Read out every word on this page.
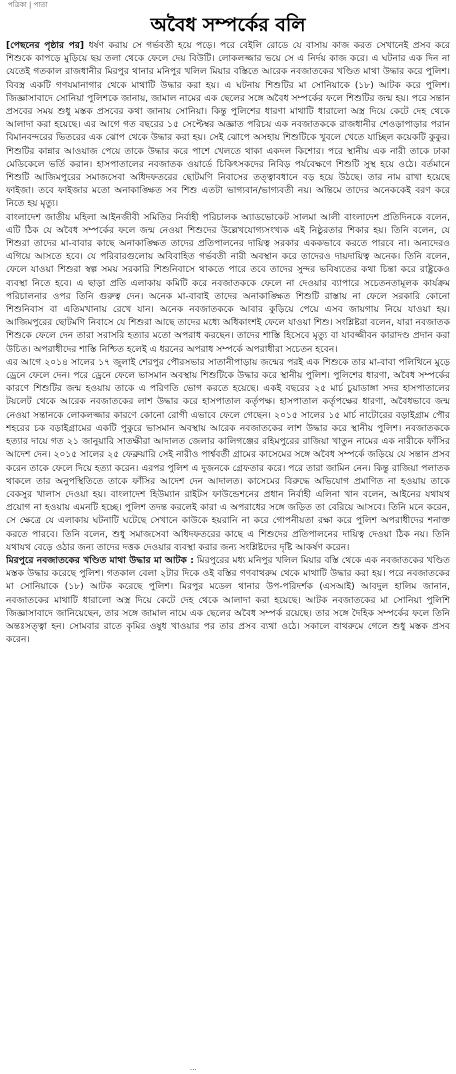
পত্রিকা | পাতা
অবৈধ সম্পর্কের বলি

[পেছনের পৃষ্ঠার পর] ধর্ষণ করায় সে গর্ভবতী হয়ে পড়ে। পরে বেইলি রোডে যে বাসায় কাজ করত সেখানেই প্রসব করে শিশুকে কাপড়ে মুড়িয়ে ছয় তলা থেকে ফেলে দেয় বিউটি। লোকলজ্জার ভয়ে সে এ নির্দয় কাজ করে। এ ঘটনার এক দিন না যেতেই গতকাল রাজধানীর মিরপুর থানার মনিপুর খলিল মিয়ার বস্তিতে আরেক নবজাতকের খণ্ডিত মাথা উদ্ধার করে পুলিশ। বিবস্ত্র একটি গণযমানাগার থেকে মাথাটি উদ্ধার করা হয়। এ ঘটনায় শিশুটির মা সোনিয়াকে (১৮) আটক করে পুলিশ। জিজ্ঞাসাবাদে সোনিয়া পুলিশকে জানায়, জামাল নামের এক ছেলের সঙ্গে অবৈধ সম্পর্কের ফলে শিশুটির জন্ম হয়। পরে সন্তান প্রসবের সময় শুধু মস্তক প্রসবের কথা জানায় সোনিয়া। কিন্তু পুলিশের ধারণা মাথাটি ধারালো অস্ত্র দিয়ে কেটে দেহ থেকে আলাদা করা হয়েছে। এর আগে গত বছরের ১৫ সেপ্টেম্বর অজ্ঞাত পরিচয় এক নবজাতককে রাজধানীর শেওড়াপাড়ার পরান বিমানবন্দরের ভিতরের এক ঝোপ থেকে উদ্ধার করা হয়। সেই ঝোপে অসহায় শিশুটিকে খুবলে খেতে যাচ্ছিল কয়েকটি কুকুর। শিশুটির কান্নার আওয়াজ পেয়ে তাকে উদ্ধার করে পাশে খেলতে থাকা একদল কিশোর। পরে স্থানীয় এক নারী তাকে ঢাকা মেডিকেলে ভর্তি করান। হাসপাতালের নবজাতক ওয়ার্ডে চিকিৎসকদের নিবিড় পর্যবেক্ষণে শিশুটি সুস্থ হয়ে ওঠে। বর্তমানে শিশুটি আজিমপুরের সমাজসেবা অধিদফতরের ছোটমণি নিবাসের তত্ত্বাবধানে বড় হয়ে উঠছে। তার নাম রাখা হয়েছে ফাইজা। তবে ফাইজার মতো অনাকাঙ্ক্ষিত সব শিশু এতটা ভাগ্যবান/ভাগ্যবতী নয়। অন্তিমে তাদের অনেককেই বরণ করে নিতে হয় মৃত্যু।

বাংলাদেশ জাতীয় মহিলা আইনজীবী সমিতির নির্বাহী পরিচালক অ্যাডভোকেট সালমা আলী বাংলাদেশ প্রতিদিনকে বলেন, এটি ঠিক যে অবৈধ সম্পর্কের ফলে জন্ম নেওয়া শিশুদের উল্লেখযোগ্যসংখ্যক এই নিষ্ঠুরতার শিকার হয়। তিনি বলেন, যে শিশুরা তাদের মা-বাবার কাছে অনাকাঙ্ক্ষিত তাদের প্রতিপালনের দায়িত্ব সরকার এককভাবে করতে পারবে না। অন্যদেরও এগিয়ে আসতে হবে। যে পরিবারগুলোয় অবিবাহিত গর্ভবতী নারী অবস্থান করে তাদেরও দায়দায়িত্ব অনেক। তিনি বলেন, ফেলে যাওয়া শিশুরা স্বল্প সময় সরকারি শিশুনিবাসে থাকতে পারে তবে তাদের সুন্দর ভবিষ্যতের কথা চিন্তা করে রাষ্ট্রকেও ব্যবস্থা নিতে হবে। এ ছাড়া প্রতি এলাকায় কমিটি করে নবজাতককে ফেলে না দেওয়ার ব্যাপারে সচেতনতামূলক কার্যক্রম পরিচালনার ওপর তিনি গুরুত্ব দেন। অনেক মা-বাবাই তাদের অনাকাঙ্ক্ষিত শিশুটি রাস্তায় না ফেলে সরকারি কোনো শিশুনিবাস বা এতিমখানায় রেখে যান। অনেক নবজাতককে আবার কুড়িয়ে পেয়ে এসব জায়গায় নিয়ে যাওয়া হয়। আজিমপুরের ছোটমণি নিবাসে যে শিশুরা আছে তাদের মধ্যে অধিকাংশই ফেলে যাওয়া শিশু। সংশ্লিষ্টরা বলেন, যারা নবজাতক শিশুকে ফেলে দেন তারা সরাসরি হত্যার মতো অপরাধ করছেন। তাদের শাস্তি হিসেবে মৃত্যু বা যাবজ্জীবন কারাদণ্ড প্রদান করা উচিত। অপরাধীদের শাস্তি নিশ্চিত হলেই এ ধরনের অপরাধ সম্পর্কে অপরাধীরা সচেতন হবেন।

এর আগে ২০১৪ সালের ১৭ জুলাই শেরপুর পৌরসভার সাতানীপাড়ায় জন্মের পরই এক শিশুকে তার মা-বাবা পলিথিনে মুড়ে ড্রেনে ফেলে দেন। পরে ড্রেনে ফেলে ভাসমান অবস্থায় শিশুটিকে উদ্ধার করে স্থানীয় পুলিশ। পুলিশের ধারণা, অবৈধ সম্পর্কের কারণে শিশুটির জন্ম হওয়ায় তাকে এ পরিণতি ভোগ করতে হয়েছে। একই বছরের ২৫ মার্চ চুয়াডাঙ্গা সদর হাসপাতালের টয়লেট থেকে আরেক নবজাতকের লাশ উদ্ধার করে হাসপাতাল কর্তৃপক্ষ। হাসপাতাল কর্তৃপক্ষের ধারণা, অবৈধভাবে জন্ম নেওয়া সন্তানকে লোকলজ্জার কারণে কোনো রোগী এভাবে ফেলে গেছেন। ২০১৫ সালের ১৫ মার্চ নাটোরের বড়াইগ্রাম পৌর শহরের চক বড়াইগ্রামের একটি পুকুরে ভাসমান অবস্থায় আরেক নবজাতকের লাশ উদ্ধার করে স্থানীয় পুলিশ। নবজাতককে হত্যার দায়ে গত ২১ জানুয়ারি সাতক্ষীরা আদালত জেলার কালিগঞ্জের রহিমপুরের রাজিয়া খাতুন নামের এক নারীকে ফাঁসির আদেশ দেন। ২০১৫ সালের ২৫ ফেব্রুয়ারি সেই নারীও পার্শ্ববর্তী গ্রামের কাসেমের সঙ্গে অবৈধ সম্পর্কে জড়িয়ে যে সন্তান প্রসব করেন তাকে ফেলে দিয়ে হত্যা করেন। এরপর পুলিশ এ দুজনকে গ্রেফতার করে। পরে তারা জামিন নেন। কিন্তু রাজিয়া পলাতক থাকলে তার অনুপস্থিতিতে তাকে ফাঁসির আদেশ দেন আদালত। কাসেমের বিরুদ্ধে অভিযোগ প্রমাণিত না হওয়ায় তাকে বেকসুর খালাস দেওয়া হয়। বাংলাদেশ হিউম্যান রাইটস ফাউন্ডেশনের প্রধান নির্বাহী এলিনা খান বলেন, আইনের যথাযথ প্রয়োগ না হওয়ায় এমনটি হচ্ছে। পুলিশ তদন্ত করলেই কারা এ অপরাধের সঙ্গে জড়িত তা বেরিয়ে আসবে। তিনি মনে করেন, সে ক্ষেত্রে যে এলাকায় ঘটনাটি ঘটেছে সেখানে কাউকে হয়রানি না করে গোপনীয়তা রক্ষা করে পুলিশ অপরাধীদের শনাক্ত করতে পারবে। তিনি বলেন, শুধু সমাজসেবা অধিদফতরের কাছে এ শিশুদের প্রতিপালনের দায়িত্ব দেওয়া ঠিক নয়। তিনি যথাযথ বেড়ে ওঠার জন্য তাদের দত্তক দেওয়ার ব্যবস্থা করার জন্য সংশ্লিষ্টদের দৃষ্টি আকর্ষণ করেন।

মিরপুরে নবজাতকের খণ্ডিত মাথা উদ্ধার মা আটক : মিরপুরের মধ্য মনিপুর খলিল মিয়ার বস্তি থেকে এক নবজাতকের খণ্ডিত মস্তক উদ্ধার করেছে পুলিশ। গতকাল বেলা ২টার দিকে ওই বস্তির গণবাথরুম থেকে মাথাটি উদ্ধার করা হয়। পরে নবজাতকের মা সোনিয়াকে (১৮) আটক করেছে পুলিশ। মিরপুর মডেল থানার উপ-পরিদর্শক (এসআই) আবদুল হালিম জানান, নবজাতকের মাথাটি ধারালো অস্ত্র দিয়ে কেটে দেহ থেকে আলাদা করা হয়েছে। আটক নবজাতকের মা সোনিয়া পুলিশি জিজ্ঞাসাবাদে জানিয়েছেন, তার সঙ্গে জামাল নামে এক ছেলের অবৈধ সম্পর্ক রয়েছে। তার সঙ্গে দৈহিক সম্পর্কের ফলে তিনি অন্তঃসত্ত্বা হন। সোমবার রাতে কৃমির ওষুধ খাওয়ার পর তার প্রসব ব্যথা ওঠে। সকালে বাথরুমে গেলে শুধু মস্তক প্রসব করেন।

...
